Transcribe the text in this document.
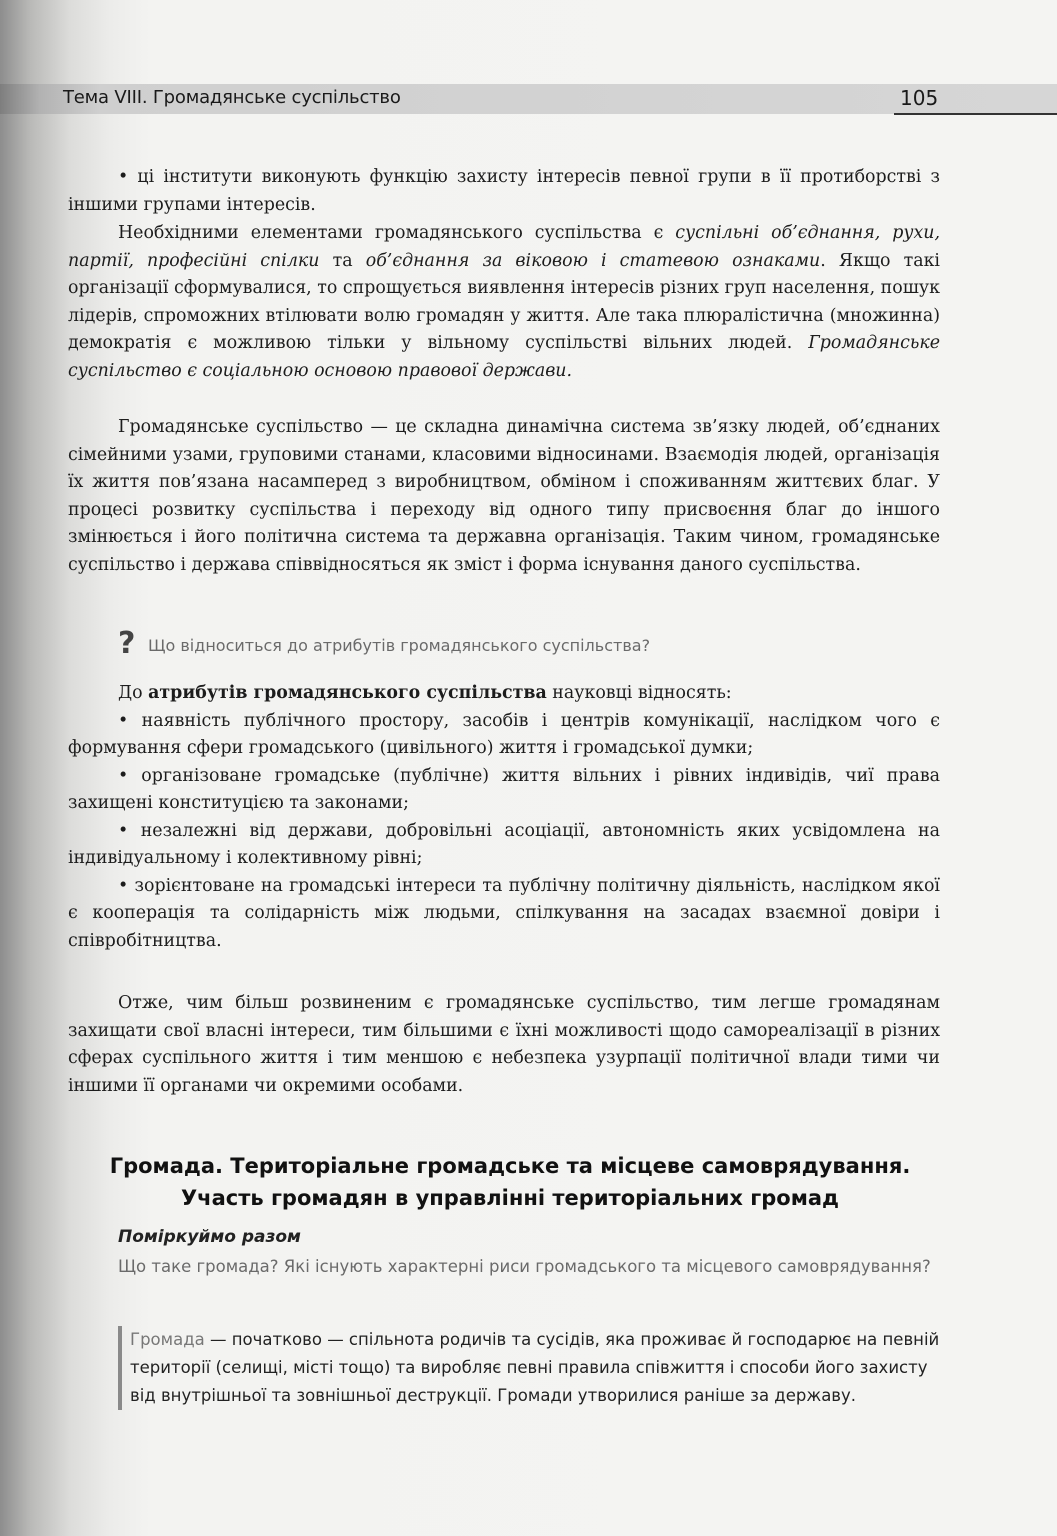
Тема VIII. Громадянське суспільство	105
• ці інститути виконують функцію захисту інтересів певної групи в її протиборстві з іншими групами інтересів.
Необхідними елементами громадянського суспільства є суспільні об’єднання, рухи, партії, професійні спілки та об’єднання за віковою і статевою ознаками. Якщо такі організації сформувалися, то спрощується виявлення інтересів різних груп населення, пошук лідерів, спроможних втілювати волю громадян у життя. Але така плюралістична (множинна) демократія є можливою тільки у вільному суспільстві вільних людей. Громадянське суспільство є соціальною основою правової держави.
Громадянське суспільство — це складна динамічна система зв’язку людей, об’єднаних сімейними узами, груповими станами, класовими відносинами. Взаємодія людей, організація їх життя пов’язана насамперед з виробництвом, обміном і споживанням життєвих благ. У процесі розвитку суспільства і переходу від одного типу присвоєння благ до іншого змінюється і його політична система та державна організація. Таким чином, громадянське суспільство і держава співвідносяться як зміст і форма існування даного суспільства.
? Що відноситься до атрибутів громадянського суспільства?

До атрибутів громадянського суспільства науковці відносять:

• наявність публічного простору, засобів і центрів комунікації, наслідком чого є формування сфери громадського (цивільного) життя і громадської думки;

• організоване громадське (публічне) життя вільних і рівних індивідів, чиї права захищені конституцією та законами;

• незалежні від держави, добровільні асоціації, автономність яких усвідомлена на індивідуальному і колективному рівні;

• зорієнтоване на громадські інтереси та публічну політичну діяльність, наслідком якої є кооперація та солідарність між людьми, спілкування на засадах взаємної довіри і співробітництва.

Отже, чим більш розвиненим є громадянське суспільство, тим легше громадянам захищати свої власні інтереси, тим більшими є їхні можливості щодо самореалізації в різних сферах суспільного життя і тим меншою є небезпека узурпації політичної влади тими чи іншими її органами чи окремими особами.
Громада. Територіальне громадське та місцеве самоврядування.
Участь громадян в управлінні територіальних громад
Поміркуймо разом
Що таке громада? Які існують характерні риси громадського та місцевого самоврядування?
Громада — початково — спільнота родичів та сусідів, яка проживає й господарює на певній території (селищі, місті тощо) та виробляє певні правила співжиття і способи його захисту від внутрішньої та зовнішньої деструкції. Громади утворилися раніше за державу.
